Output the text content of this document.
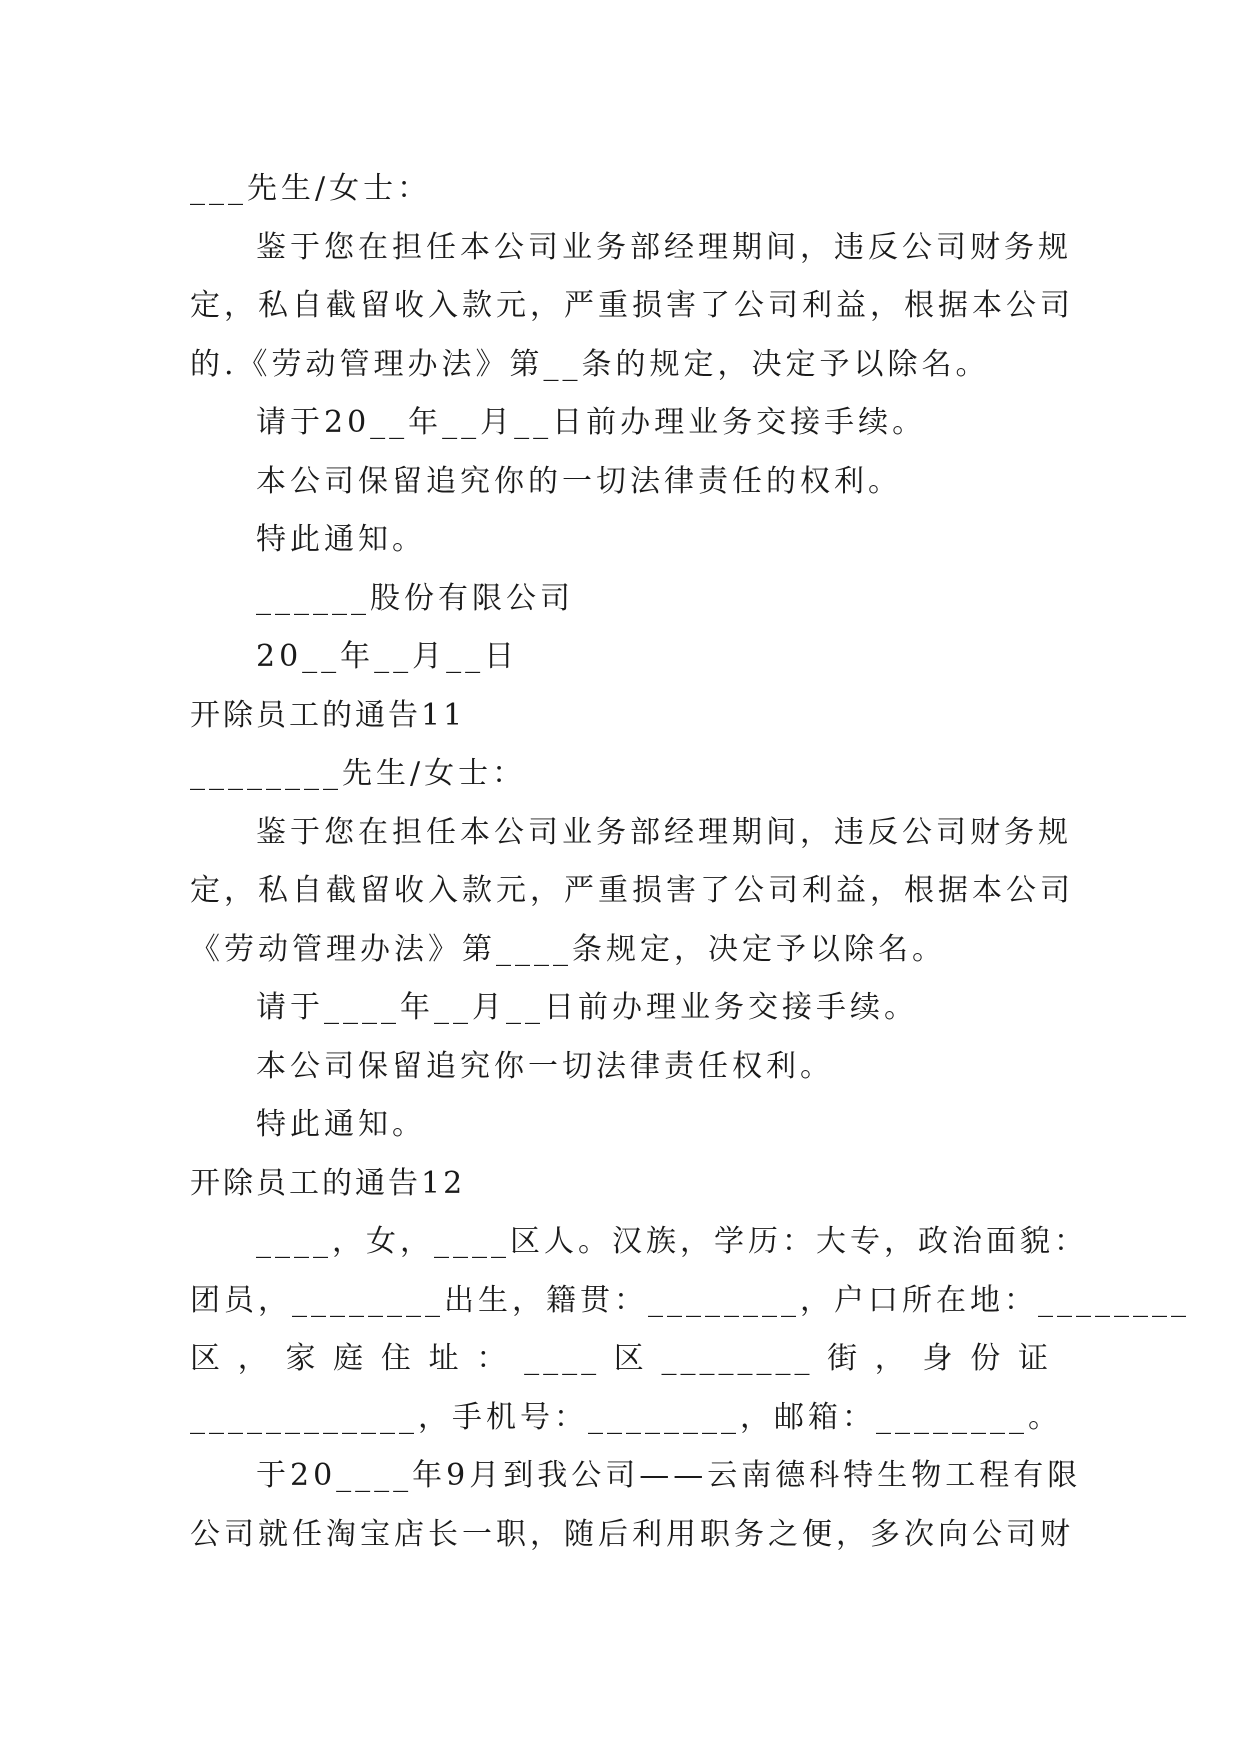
___先生/女士：
鉴于您在担任本公司业务部经理期间，违反公司财务规
定，私自截留收入款元，严重损害了公司利益，根据本公司
的.《劳动管理办法》第__条的规定，决定予以除名。
请于20__年__月__日前办理业务交接手续。
本公司保留追究你的一切法律责任的权利。
特此通知。
______股份有限公司
20__年__月__日
开除员工的通告11
________先生/女士：
鉴于您在担任本公司业务部经理期间，违反公司财务规
定，私自截留收入款元，严重损害了公司利益，根据本公司
《劳动管理办法》第____条规定，决定予以除名。
请于____年__月__日前办理业务交接手续。
本公司保留追究你一切法律责任权利。
特此通知。
开除员工的通告12
____，女，____区人。汉族，学历：大专，政治面貌：
团员，________出生，籍贯：________，户口所在地：________
区 ， 家 庭 住 址 ： ____ 区 ________ 街 ， 身 份 证
____________，手机号：________，邮箱：________。
于20____年9月到我公司——云南德科特生物工程有限
公司就任淘宝店长一职，随后利用职务之便，多次向公司财
